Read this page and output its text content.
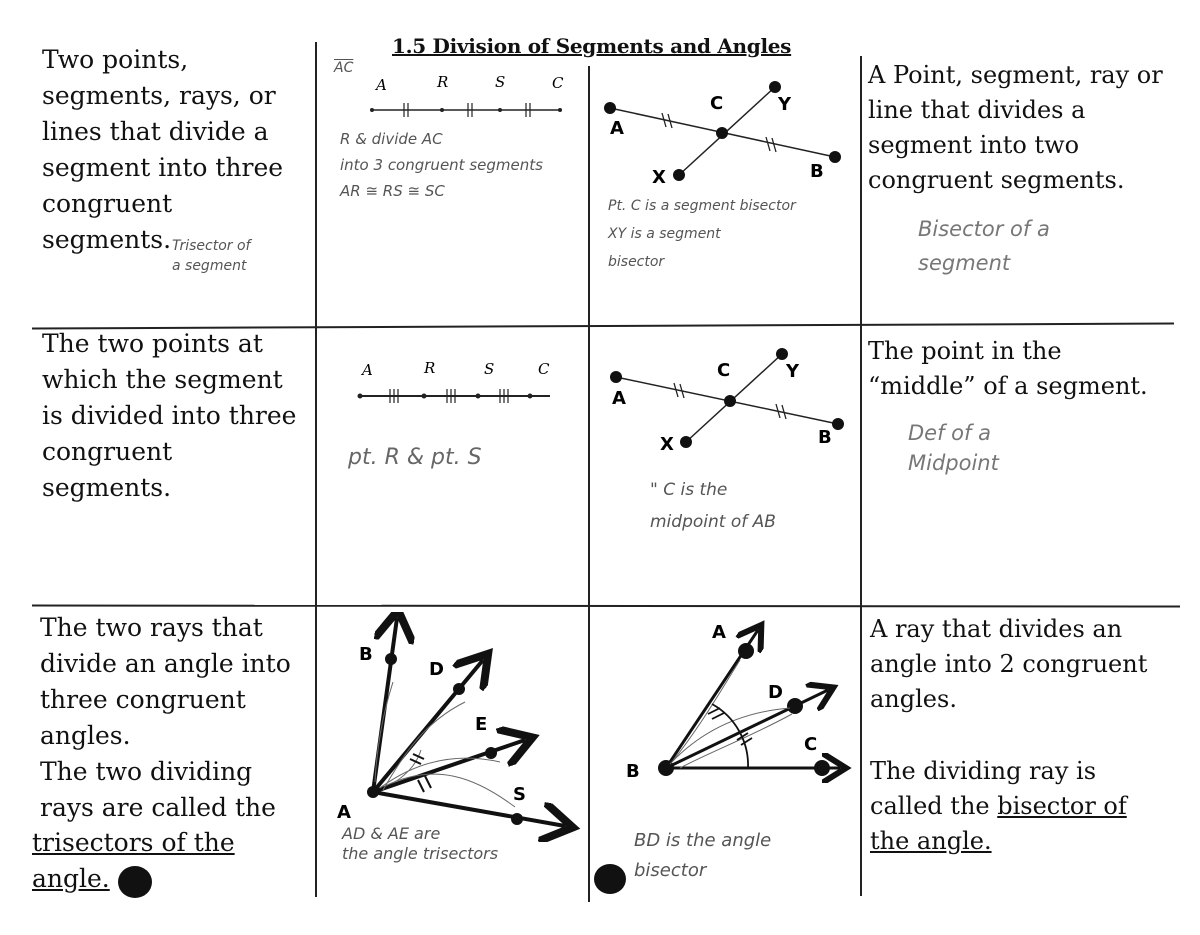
1.5 Division of Segments and Angles
Two points,
segments, rays, or
lines that divide a
segment into three
congruent
segments. Trisector of
a segment
$\overline{AC}$
A	R	S	C
R & divide AC
into 3 congruent segments
AR ≅ RS ≅ SC
A
C	Y
X	B
Pt. C is a segment bisector
XY is a segment
bisector
A Point, segment, ray or
line that divides a
segment into two
congruent segments.
Bisector of a
segment
The two points at
which the segment
is divided into three
congruent
segments.
A	R	S	C
pt. R & pt. S
A
C	Y
X	B
" C is the
midpoint of AB
The point in the
“middle” of a segment.
Def of a
Midpoint
The two rays that
divide an angle into
three congruent
angles.
The two dividing
rays are called the
trisectors of the
angle.
B
D
E
A
S
AD & AE are
the angle trisectors
A
D
C
B
BD is the angle
bisector
A ray that divides an
angle into 2 congruent
angles.
The dividing ray is
called the bisector of
the angle.
